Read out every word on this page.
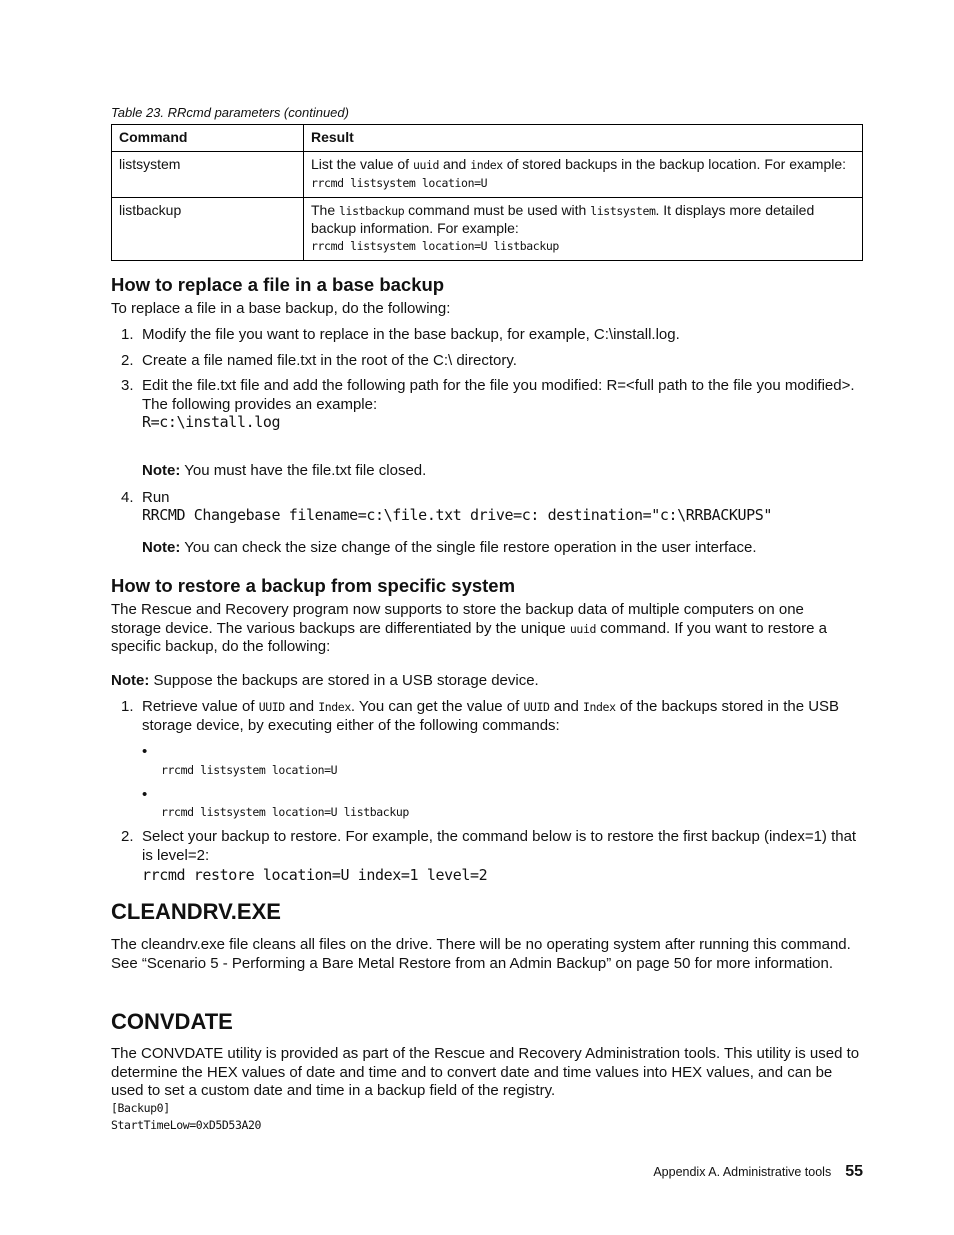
Table 23. RRcmd parameters (continued)
Command	Result
listsystem	List the value of uuid and index of stored backups in the backup location. For example:
rrcmd listsystem location=U
listbackup	The listbackup command must be used with listsystem. It displays more detailed backup information. For example:
rrcmd listsystem location=U listbackup
How to replace a file in a base backup

To replace a file in a base backup, do the following:

1. Modify the file you want to replace in the base backup, for example, C:\install.log.

2. Create a file named file.txt in the root of the C:\ directory.

3. Edit the file.txt file and add the following path for the file you modified: R=<full path to the file you modified>. The following provides an example:

R=c:\install.log

Note: You must have the file.txt file closed.

4. Run

RRCMD Changebase filename=c:\file.txt drive=c: destination="c:\RRBACKUPS"

Note: You can check the size change of the single file restore operation in the user interface.

How to restore a backup from specific system

The Rescue and Recovery program now supports to store the backup data of multiple computers on one storage device. The various backups are differentiated by the unique uuid command. If you want to restore a specific backup, do the following:

Note: Suppose the backups are stored in a USB storage device.

1. Retrieve value of UUID and Index. You can get the value of UUID and Index of the backups stored in the USB storage device, by executing either of the following commands:

•
rrcmd listsystem location=U
•
rrcmd listsystem location=U listbackup
2. Select your backup to restore. For example, the command below is to restore the first backup (index=1) that is level=2:

rrcmd restore location=U index=1 level=2
CLEANDRV.EXE

The cleandrv.exe file cleans all files on the drive. There will be no operating system after running this command. See “Scenario 5 - Performing a Bare Metal Restore from an Admin Backup” on page 50 for more information.

CONVDATE

The CONVDATE utility is provided as part of the Rescue and Recovery Administration tools. This utility is used to determine the HEX values of date and time and to convert date and time values into HEX values, and can be used to set a custom date and time in a backup field of the registry.

[Backup0]
StartTimeLow=0xD5D53A20
Appendix A. Administrative tools 55
